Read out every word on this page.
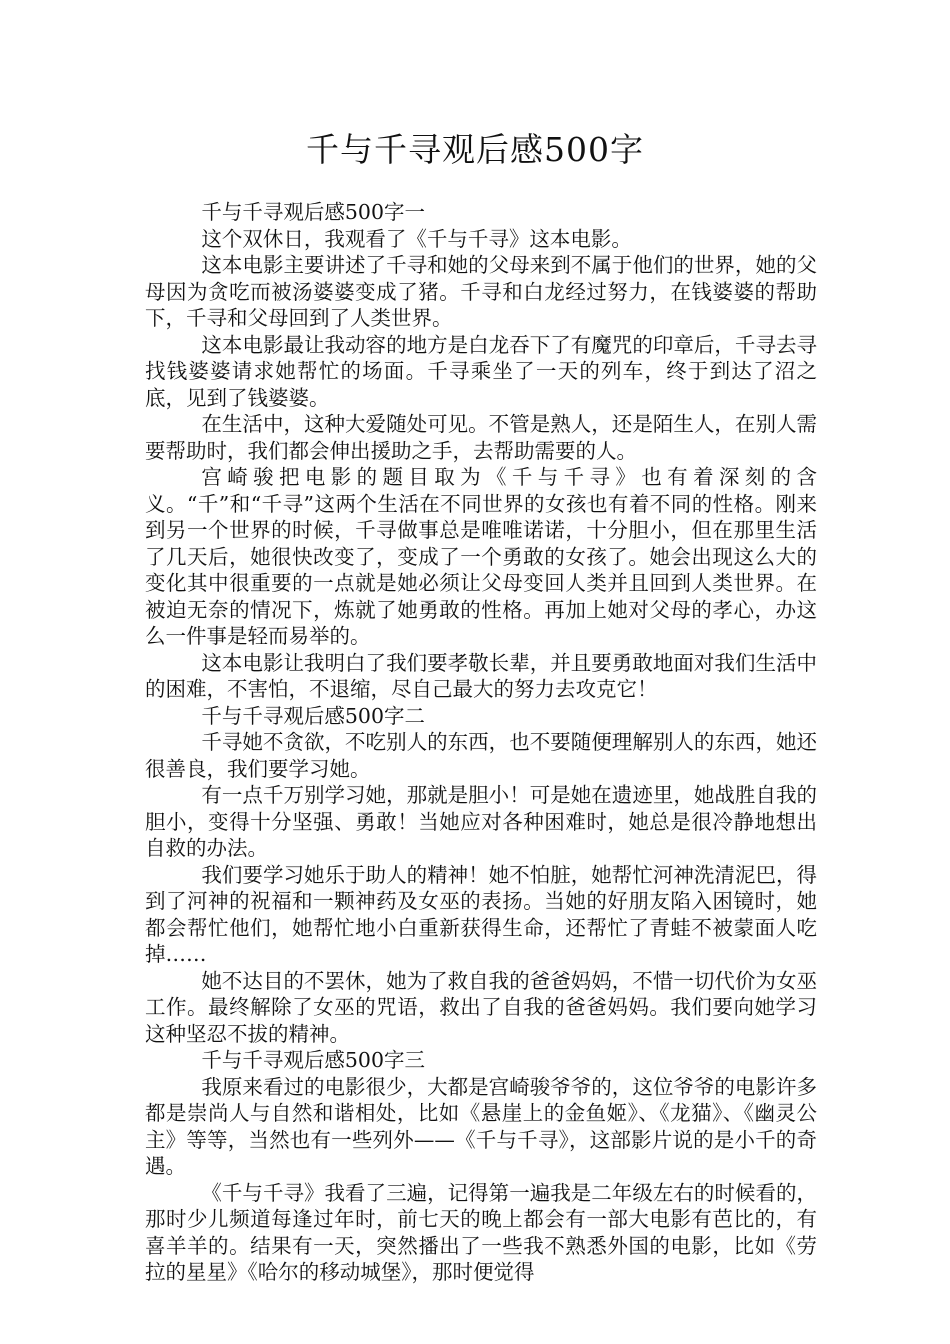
千与千寻观后感500字

千与千寻观后感500字一

这个双休日，我观看了《千与千寻》这本电影。

这本电影主要讲述了千寻和她的父母来到不属于他们的世界，她的父母因为贪吃而被汤婆婆变成了猪。千寻和白龙经过努力，在钱婆婆的帮助下，千寻和父母回到了人类世界。

这本电影最让我动容的地方是白龙吞下了有魔咒的印章后，千寻去寻找钱婆婆请求她帮忙的场面。千寻乘坐了一天的列车，终于到达了沼之底，见到了钱婆婆。

在生活中，这种大爱随处可见。不管是熟人，还是陌生人，在别人需要帮助时，我们都会伸出援助之手，去帮助需要的人。

宫崎骏把电影的题目取为《千与千寻》也有着深刻的含义。“千”和“千寻”这两个生活在不同世界的女孩也有着不同的性格。刚来到另一个世界的时候，千寻做事总是唯唯诺诺，十分胆小，但在那里生活了几天后，她很快改变了，变成了一个勇敢的女孩了。她会出现这么大的变化其中很重要的一点就是她必须让父母变回人类并且回到人类世界。在被迫无奈的情况下，炼就了她勇敢的性格。再加上她对父母的孝心，办这么一件事是轻而易举的。

这本电影让我明白了我们要孝敬长辈，并且要勇敢地面对我们生活中的困难，不害怕，不退缩，尽自己最大的努力去攻克它！

千与千寻观后感500字二

千寻她不贪欲，不吃别人的东西，也不要随便理解别人的东西，她还很善良，我们要学习她。

有一点千万别学习她，那就是胆小！可是她在遗迹里，她战胜自我的胆小，变得十分坚强、勇敢！当她应对各种困难时，她总是很冷静地想出自救的办法。

我们要学习她乐于助人的精神！她不怕脏，她帮忙河神洗清泥巴，得到了河神的祝福和一颗神药及女巫的表扬。当她的好朋友陷入困镜时，她都会帮忙他们，她帮忙地小白重新获得生命，还帮忙了青蛙不被蒙面人吃掉……

她不达目的不罢休，她为了救自我的爸爸妈妈，不惜一切代价为女巫工作。最终解除了女巫的咒语，救出了自我的爸爸妈妈。我们要向她学习这种坚忍不拔的精神。

千与千寻观后感500字三

我原来看过的电影很少，大都是宫崎骏爷爷的，这位爷爷的电影许多都是崇尚人与自然和谐相处，比如《悬崖上的金鱼姬》、《龙猫》、《幽灵公主》等等，当然也有一些列外——《千与千寻》，这部影片说的是小千的奇遇。

《千与千寻》我看了三遍，记得第一遍我是二年级左右的时候看的，那时少儿频道每逢过年时，前七天的晚上都会有一部大电影有芭比的，有喜羊羊的。结果有一天，突然播出了一些我不熟悉外国的电影，比如《劳拉的星星》《哈尔的移动城堡》，那时便觉得
